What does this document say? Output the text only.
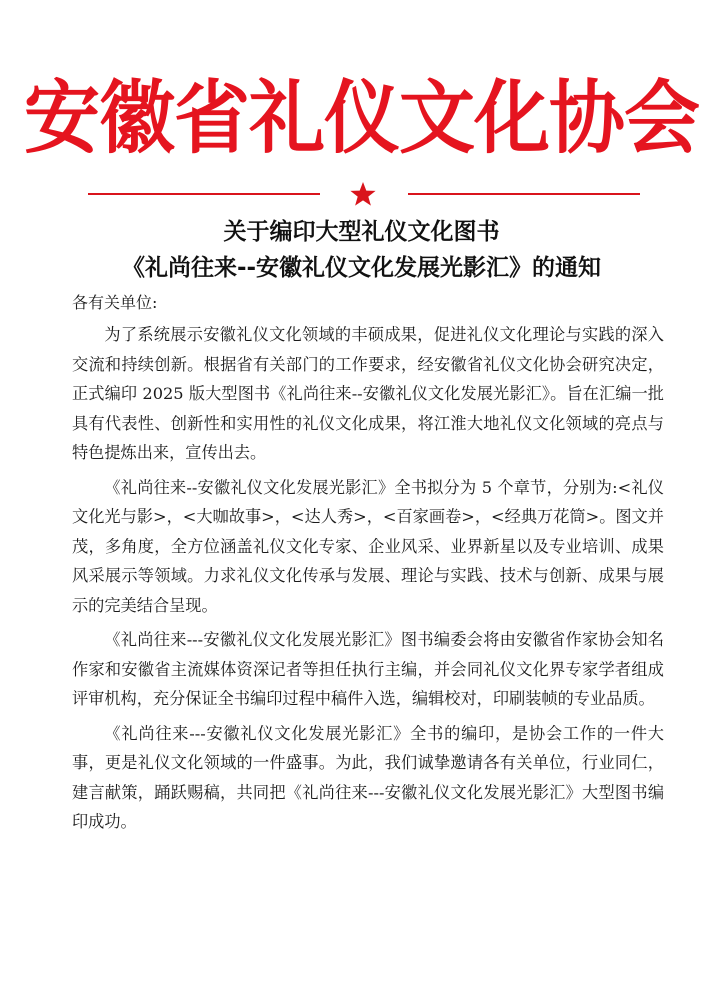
安徽省礼仪文化协会
关于编印大型礼仪文化图书
《礼尚往来--安徽礼仪文化发展光影汇》的通知
各有关单位:

为了系统展示安徽礼仪文化领域的丰硕成果，促进礼仪文化理论与实践的深入交流和持续创新。根据省有关部门的工作要求，经安徽省礼仪文化协会研究决定，正式编印 2025 版大型图书《礼尚往来--安徽礼仪文化发展光影汇》。旨在汇编一批具有代表性、创新性和实用性的礼仪文化成果，将江淮大地礼仪文化领域的亮点与特色提炼出来，宣传出去。

《礼尚往来--安徽礼仪文化发展光影汇》全书拟分为 5 个章节，分别为:<礼仪文化光与影>，<大咖故事>，<达人秀>，<百家画卷>，<经典万花筒>。图文并茂，多角度，全方位涵盖礼仪文化专家、企业风采、业界新星以及专业培训、成果风采展示等领域。力求礼仪文化传承与发展、理论与实践、技术与创新、成果与展示的完美结合呈现。

《礼尚往来---安徽礼仪文化发展光影汇》图书编委会将由安徽省作家协会知名作家和安徽省主流媒体资深记者等担任执行主编，并会同礼仪文化界专家学者组成评审机构，充分保证全书编印过程中稿件入选，编辑校对，印刷装帧的专业品质。

《礼尚往来---安徽礼仪文化发展光影汇》全书的编印，是协会工作的一件大事，更是礼仪文化领域的一件盛事。为此，我们诚挚邀请各有关单位，行业同仁，建言献策，踊跃赐稿，共同把《礼尚往来---安徽礼仪文化发展光影汇》大型图书编印成功。
